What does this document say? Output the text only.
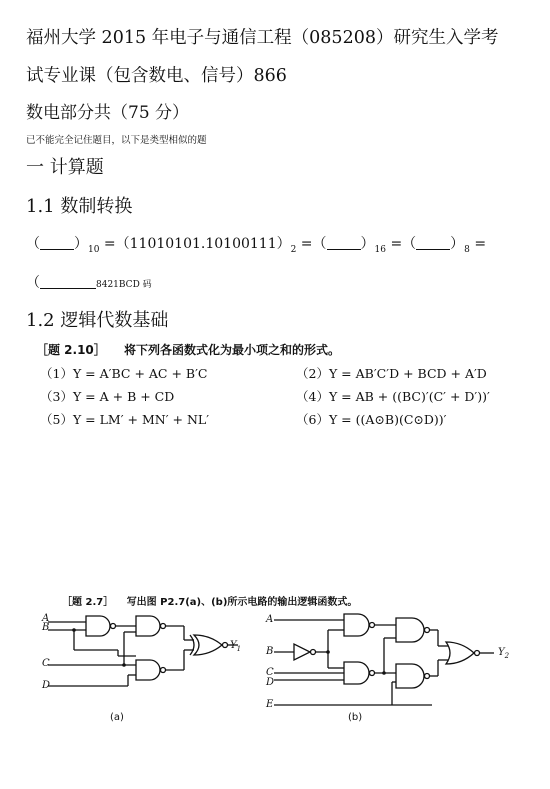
福州大学 2015 年电子与通信工程（085208）研究生入学考
试专业课（包含数电、信号）866
数电部分共（75 分）
已不能完全记住题目，以下是类型相似的题
一 计算题
1.1 数制转换
（ ）$_{10} =(11010101.10100111)_2$ =（ ）$_{16}$ =（ ）$_8$ =
（	8421BCD 码
1.2 逻辑代数基础
［题 2.10］ 将下列各函数式化为最小项之和的形式。
（1）Y = A′BC + AC + B′C	（2）Y = AB′C′D + BCD + A′D
（3）Y = A + B + CD	（4）Y = AB + ((BC)′(C′ + D′))′
（5）Y = LM′ + MN′ + NL′	（6）Y = ((A⊙B)(C⊙D))′
［题 2.7］ 写出图 P2.7(a)、(b)所示电路的输出逻辑函数式。
A
B
C
D
$Y_1$
(a)
A
B
C
D
E
$Y_2$
(b)
